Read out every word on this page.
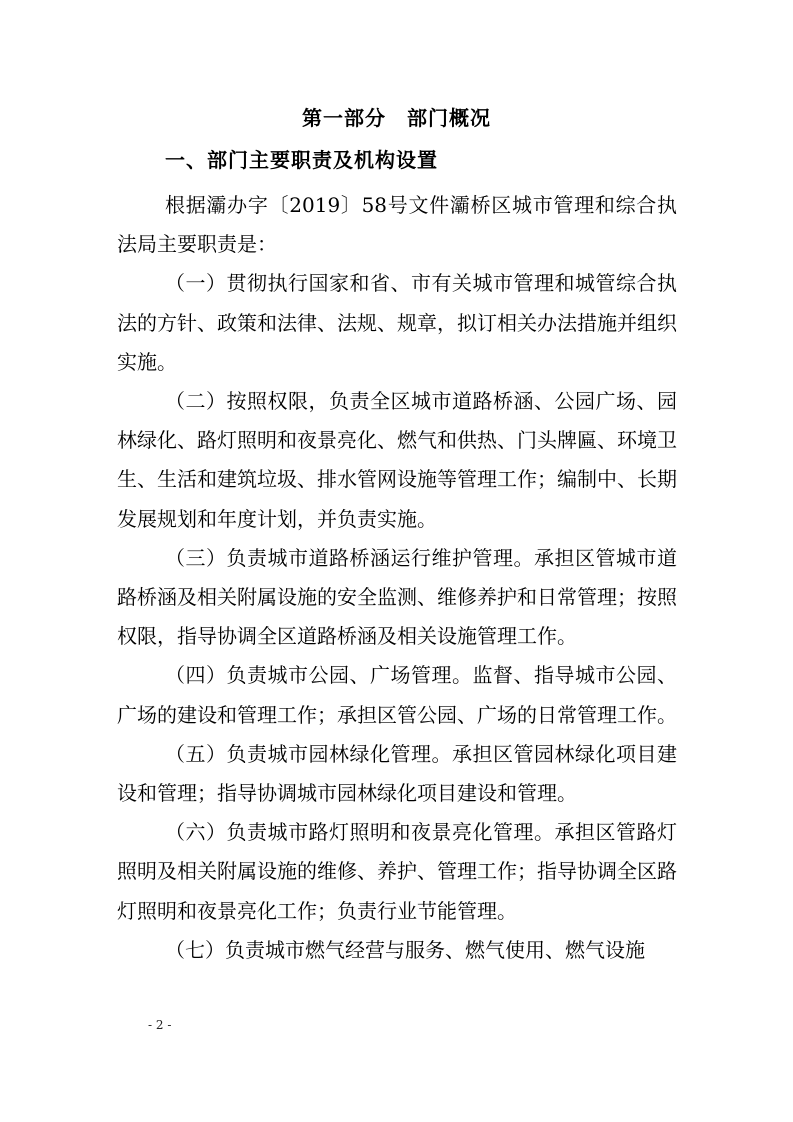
第一部分　部门概况
一、部门主要职责及机构设置

根据灞办字〔2019〕58号文件灞桥区城市管理和综合执法局主要职责是：

（一）贯彻执行国家和省、市有关城市管理和城管综合执法的方针、政策和法律、法规、规章，拟订相关办法措施并组织实施。

（二）按照权限，负责全区城市道路桥涵、公园广场、园林绿化、路灯照明和夜景亮化、燃气和供热、门头牌匾、环境卫生、生活和建筑垃圾、排水管网设施等管理工作；编制中、长期发展规划和年度计划，并负责实施。

（三）负责城市道路桥涵运行维护管理。承担区管城市道路桥涵及相关附属设施的安全监测、维修养护和日常管理；按照权限，指导协调全区道路桥涵及相关设施管理工作。

（四）负责城市公园、广场管理。监督、指导城市公园、广场的建设和管理工作；承担区管公园、广场的日常管理工作。

（五）负责城市园林绿化管理。承担区管园林绿化项目建设和管理；指导协调城市园林绿化项目建设和管理。

（六）负责城市路灯照明和夜景亮化管理。承担区管路灯照明及相关附属设施的维修、养护、管理工作；指导协调全区路灯照明和夜景亮化工作；负责行业节能管理。

（七）负责城市燃气经营与服务、燃气使用、燃气设施

- 2 -
